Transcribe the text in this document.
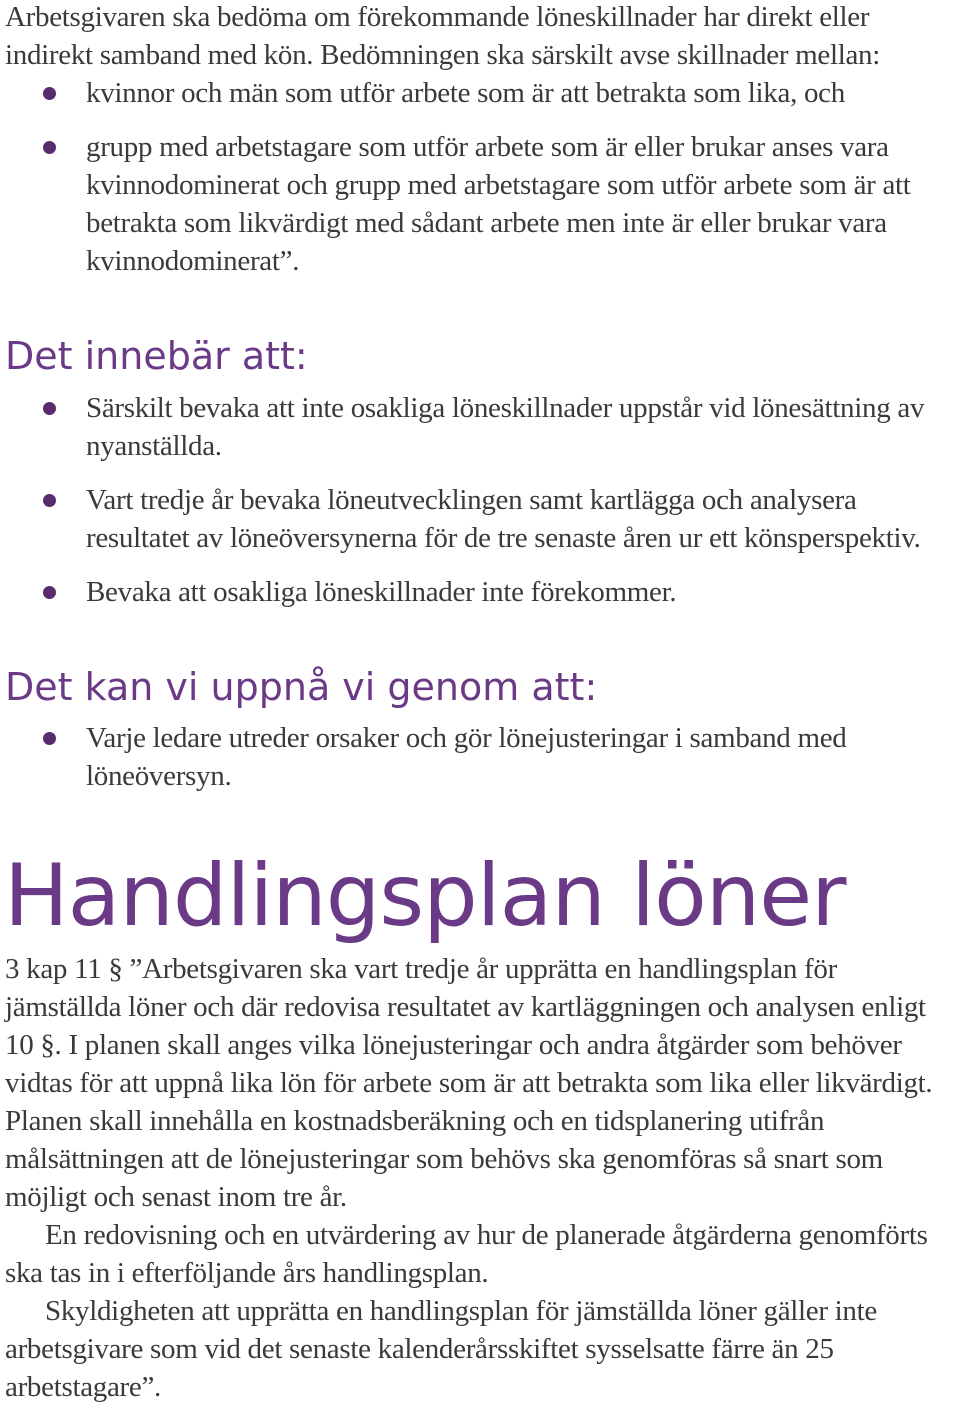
Arbetsgivaren ska bedöma om förekommande löneskillnader har direkt eller
indirekt samband med kön. Bedömningen ska särskilt avse skillnader mellan:
kvinnor och män som utför arbete som är att betrakta som lika, och
grupp med arbetstagare som utför arbete som är eller brukar anses vara kvinnodominerat och grupp med arbetstagare som utför arbete som är att betrakta som likvärdigt med sådant arbete men inte är eller brukar vara kvinnodominerat”.
Det innebär att:
Särskilt bevaka att inte osakliga löneskillnader uppstår vid lönesättning av nyanställda.
Vart tredje år bevaka löneutvecklingen samt kartlägga och analysera resultatet av löneöversynerna för de tre senaste åren ur ett könsperspektiv.
Bevaka att osakliga löneskillnader inte förekommer.
Det kan vi uppnå vi genom att:
Varje ledare utreder orsaker och gör lönejusteringar i samband med löneöversyn.
Handlingsplan löner

3 kap 11 § ”Arbetsgivaren ska vart tredje år upprätta en handlingsplan för jämställda löner och där redovisa resultatet av kartläggningen och analysen enligt 10 §. I planen skall anges vilka lönejusteringar och andra åtgärder som behöver vidtas för att uppnå lika lön för arbete som är att betrakta som lika eller likvärdigt. Planen skall innehålla en kostnadsberäkning och en tidsplanering utifrån målsättningen att de lönejusteringar som behövs ska genomföras så snart som möjligt och senast inom tre år.

En redovisning och en utvärdering av hur de planerade åtgärderna genomförts ska tas in i efterföljande års handlingsplan.

Skyldigheten att upprätta en handlingsplan för jämställda löner gäller inte arbetsgivare som vid det senaste kalenderårsskiftet sysselsatte färre än 25 arbetstagare”.
